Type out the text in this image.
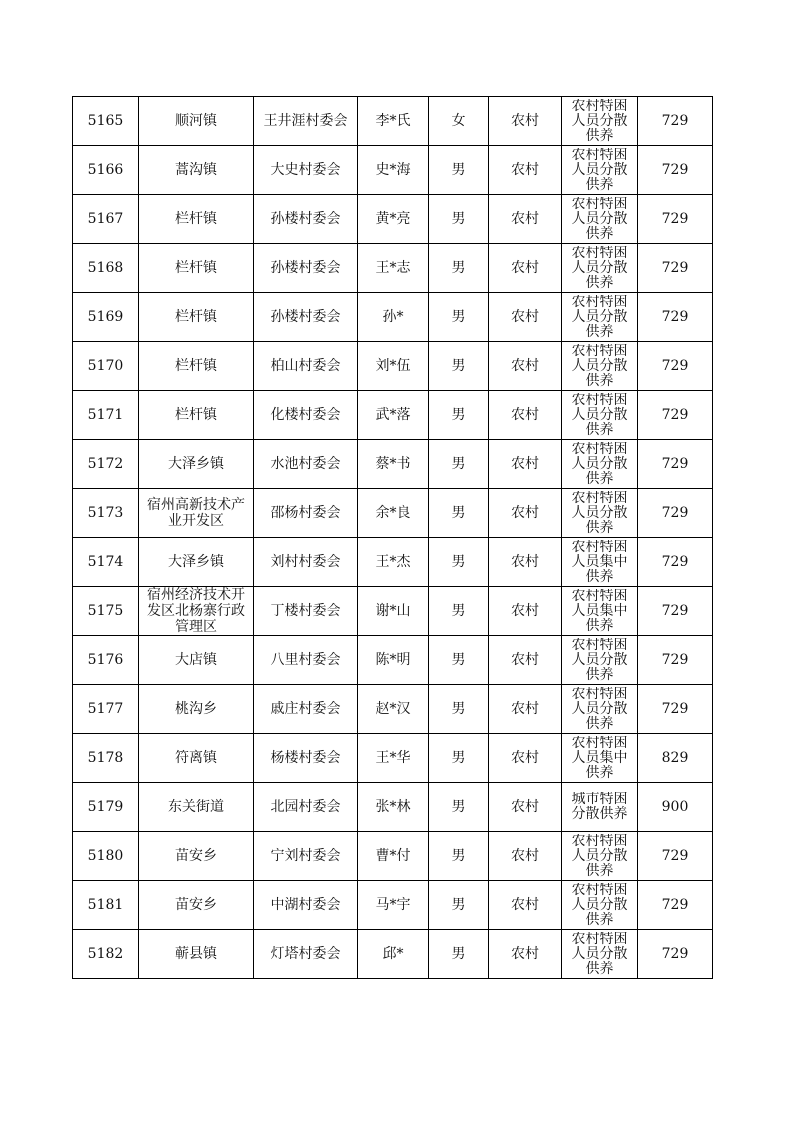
5165	顺河镇	王井涯村委会	李*氏	女	农村	农村特困人员分散供养	729
5166	蒿沟镇	大史村委会	史*海	男	农村	农村特困人员分散供养	729
5167	栏杆镇	孙楼村委会	黄*亮	男	农村	农村特困人员分散供养	729
5168	栏杆镇	孙楼村委会	王*志	男	农村	农村特困人员分散供养	729
5169	栏杆镇	孙楼村委会	孙*	男	农村	农村特困人员分散供养	729
5170	栏杆镇	柏山村委会	刘*伍	男	农村	农村特困人员分散供养	729
5171	栏杆镇	化楼村委会	武*落	男	农村	农村特困人员分散供养	729
5172	大泽乡镇	水池村委会	蔡*书	男	农村	农村特困人员分散供养	729
5173	宿州高新技术产业开发区	邵杨村委会	余*良	男	农村	农村特困人员分散供养	729
5174	大泽乡镇	刘村村委会	王*杰	男	农村	农村特困人员集中供养	729
5175	宿州经济技术开发区北杨寨行政管理区	丁楼村委会	谢*山	男	农村	农村特困人员集中供养	729
5176	大店镇	八里村委会	陈*明	男	农村	农村特困人员分散供养	729
5177	桃沟乡	戚庄村委会	赵*汉	男	农村	农村特困人员分散供养	729
5178	符离镇	杨楼村委会	王*华	男	农村	农村特困人员集中供养	829
5179	东关街道	北园村委会	张*林	男	农村	城市特困分散供养	900
5180	苗安乡	宁刘村委会	曹*付	男	农村	农村特困人员分散供养	729
5181	苗安乡	中湖村委会	马*宇	男	农村	农村特困人员分散供养	729
5182	蕲县镇	灯塔村委会	邱*	男	农村	农村特困人员分散供养	729
